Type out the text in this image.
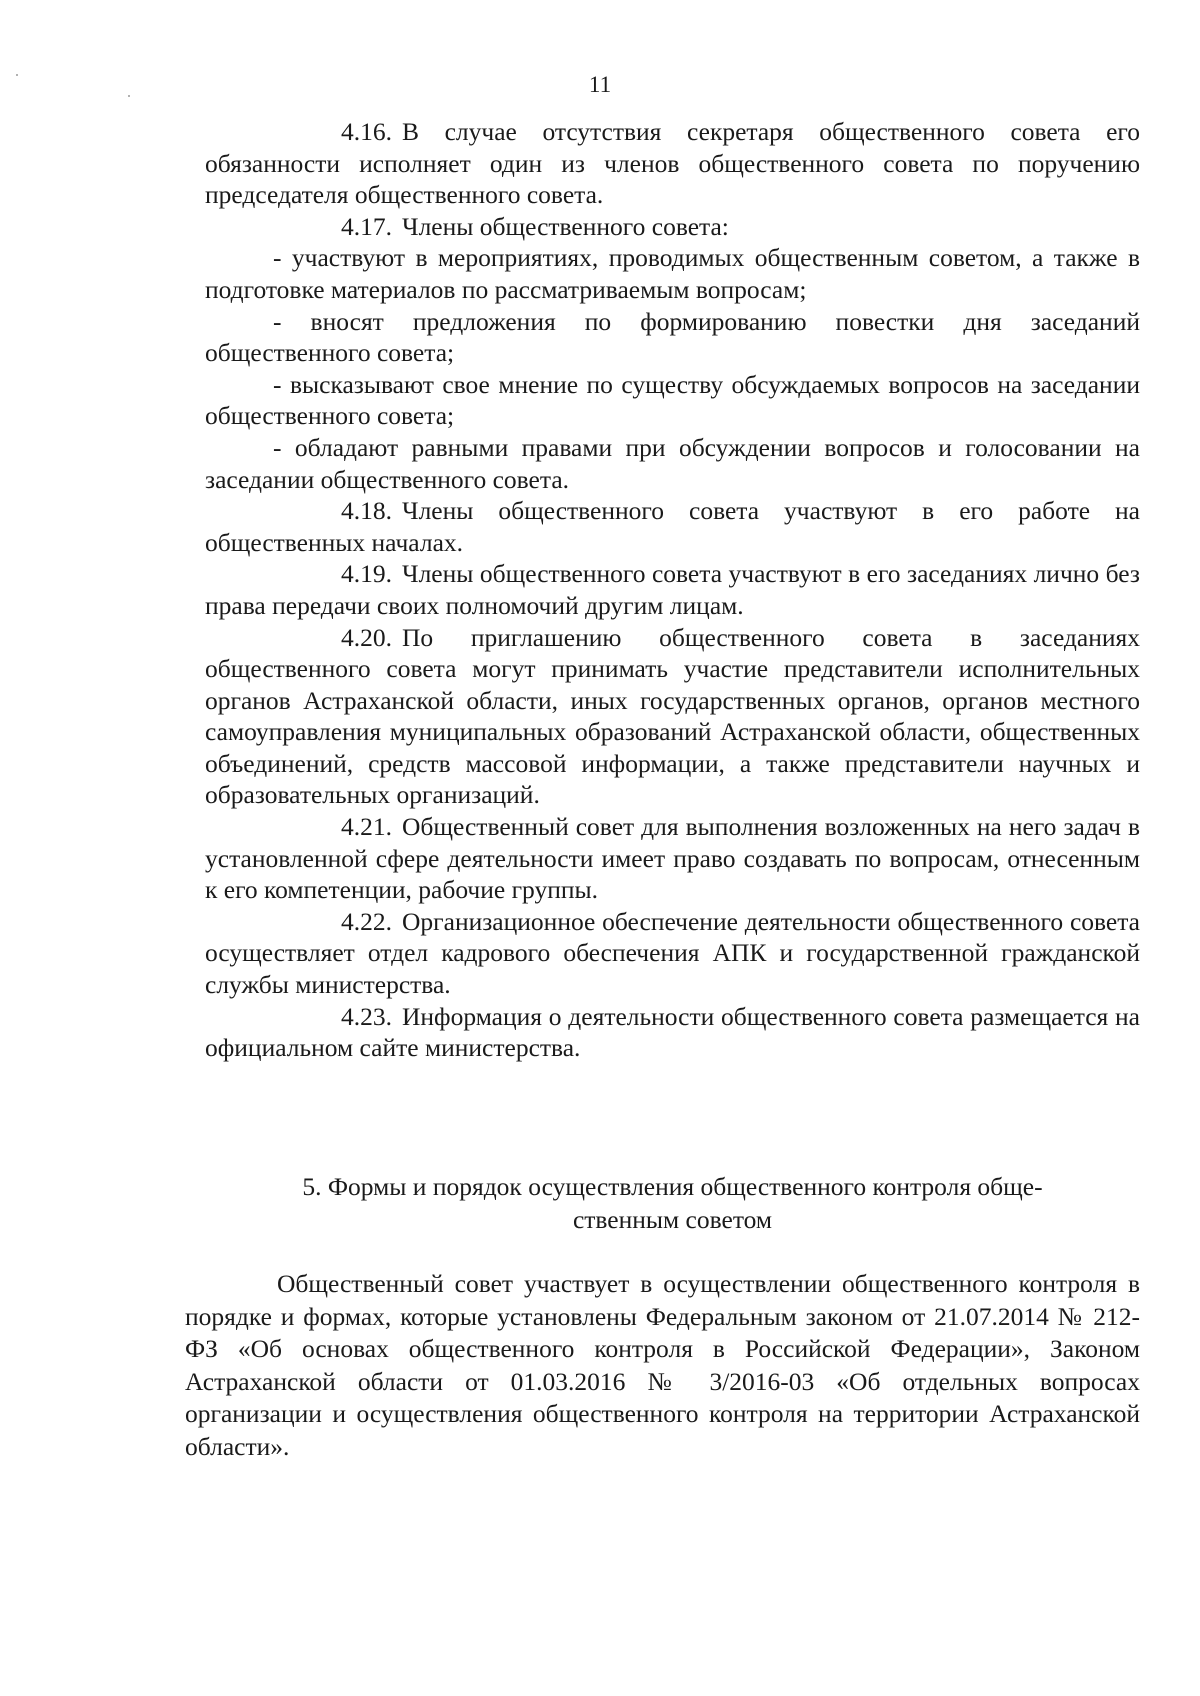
11

4.16. В случае отсутствия секретаря общественного совета его обязанности исполняет один из членов общественного совета по поручению председателя общественного совета.

4.17. Члены общественного совета:

- участвуют в мероприятиях, проводимых общественным советом, а также в подготовке материалов по рассматриваемым вопросам;

- вносят предложения по формированию повестки дня заседаний общественного совета;

- высказывают свое мнение по существу обсуждаемых вопросов на заседании общественного совета;

- обладают равными правами при обсуждении вопросов и голосовании на заседании общественного совета.

4.18. Члены общественного совета участвуют в его работе на общественных началах.

4.19. Члены общественного совета участвуют в его заседаниях лично без права передачи своих полномочий другим лицам.

4.20. По приглашению общественного совета в заседаниях общественного совета могут принимать участие представители исполнительных органов Астраханской области, иных государственных органов, органов местного самоуправления муниципальных образований Астраханской области, общественных объединений, средств массовой информации, а также представители научных и образовательных организаций.

4.21. Общественный совет для выполнения возложенных на него задач в установленной сфере деятельности имеет право создавать по вопросам, отнесенным к его компетенции, рабочие группы.

4.22. Организационное обеспечение деятельности общественного совета осуществляет отдел кадрового обеспечения АПК и государственной гражданской службы министерства.

4.23. Информация о деятельности общественного совета размещается на официальном сайте министерства.

5. Формы и порядок осуществления общественного контроля обще-
ственным советом

Общественный совет участвует в осуществлении общественного контроля в порядке и формах, которые установлены Федеральным законом от 21.07.2014 № 212-ФЗ «Об основах общественного контроля в Российской Федерации», Законом Астраханской области от 01.03.2016 № 3/2016-03 «Об отдельных вопросах организации и осуществления общественного контроля на территории Астраханской области».
